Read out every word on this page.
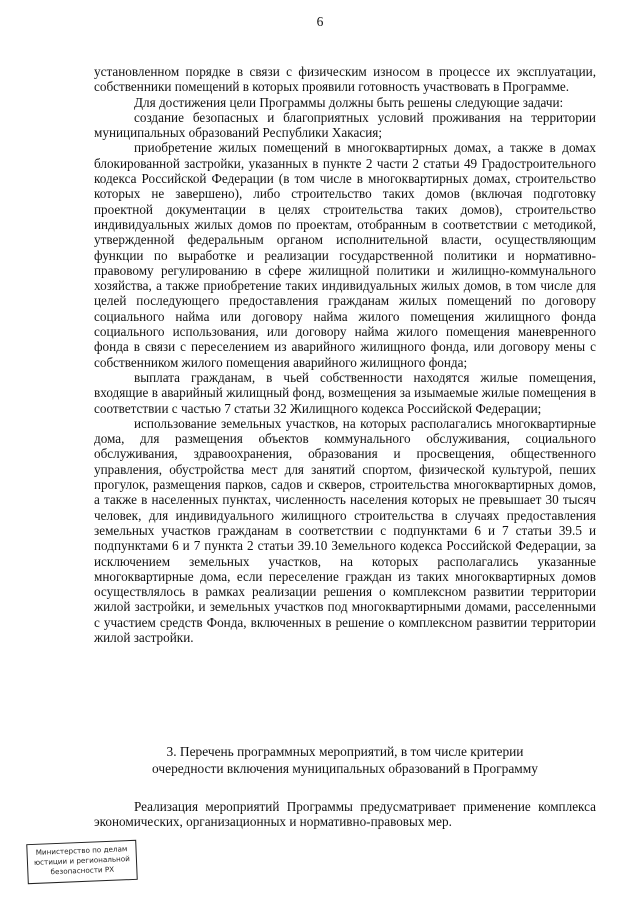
6

установленном порядке в связи с физическим износом в процессе их эксплуатации, собственники помещений в которых проявили готовность участвовать в Программе.

Для достижения цели Программы должны быть решены следующие задачи:

создание безопасных и благоприятных условий проживания на территории муниципальных образований Республики Хакасия;

приобретение жилых помещений в многоквартирных домах, а также в домах блокированной застройки, указанных в пункте 2 части 2 статьи 49 Градостроительного кодекса Российской Федерации (в том числе в многоквартирных домах, строительство которых не завершено), либо строительство таких домов (включая подготовку проектной документации в целях строительства таких домов), строительство индивидуальных жилых домов по проектам, отобранным в соответствии с методикой, утвержденной федеральным органом исполнительной власти, осуществляющим функции по выработке и реализации государственной политики и нормативно-правовому регулированию в сфере жилищной политики и жилищно-коммунального хозяйства, а также приобретение таких индивидуальных жилых домов, в том числе для целей последующего предоставления гражданам жилых помещений по договору социального найма или договору найма жилого помещения жилищного фонда социального использования, или договору найма жилого помещения маневренного фонда в связи с переселением из аварийного жилищного фонда, или договору мены с собственником жилого помещения аварийного жилищного фонда;

выплата гражданам, в чьей собственности находятся жилые помещения, входящие в аварийный жилищный фонд, возмещения за изымаемые жилые помещения в соответствии с частью 7 статьи 32 Жилищного кодекса Российской Федерации;

использование земельных участков, на которых располагались многоквартирные дома, для размещения объектов коммунального обслуживания, социального обслуживания, здравоохранения, образования и просвещения, общественного управления, обустройства мест для занятий спортом, физической культурой, пеших прогулок, размещения парков, садов и скверов, строительства многоквартирных домов, а также в населенных пунктах, численность населения которых не превышает 30 тысяч человек, для индивидуального жилищного строительства в случаях предоставления земельных участков гражданам в соответствии с подпунктами 6 и 7 статьи 39.5 и подпунктами 6 и 7 пункта 2 статьи 39.10 Земельного кодекса Российской Федерации, за исключением земельных участков, на которых располагались указанные многоквартирные дома, если переселение граждан из таких многоквартирных домов осуществлялось в рамках реализации решения о комплексном развитии территории жилой застройки, и земельных участков под многоквартирными домами, расселенными с участием средств Фонда, включенных в решение о комплексном развитии территории жилой застройки.

3. Перечень программных мероприятий, в том числе критерии
очередности включения муниципальных образований в Программу

Реализация мероприятий Программы предусматривает применение комплекса экономических, организационных и нормативно-правовых мер.

Министерство по делам
юстиции и региональной
безопасности РХ
